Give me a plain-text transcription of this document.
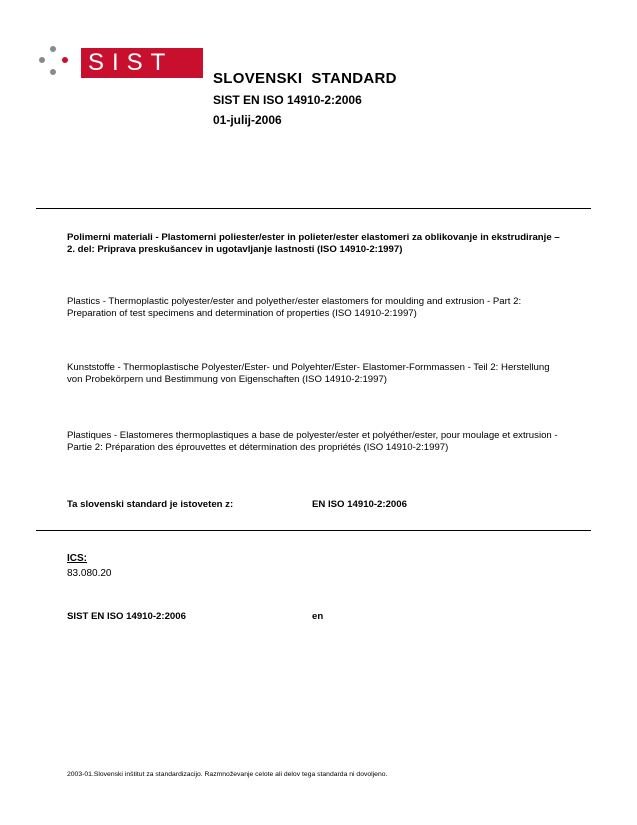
SIST
SLOVENSKI  STANDARD
SIST EN ISO 14910-2:2006
01-julij-2006
Polimerni materiali - Plastomerni poliester/ester in polieter/ester elastomeri za oblikovanje in ekstrudiranje – 2. del: Priprava preskušancev in ugotavljanje lastnosti (ISO 14910-2:1997)
Plastics - Thermoplastic polyester/ester and polyether/ester elastomers for moulding and extrusion - Part 2: Preparation of test specimens and determination of properties (ISO 14910-2:1997)
Kunststoffe - Thermoplastische Polyester/Ester- und Polyehter/Ester- Elastomer-Formmassen - Teil 2: Herstellung von Probekörpern und Bestimmung von Eigenschaften (ISO 14910-2:1997)
Plastiques - Elastomeres thermoplastiques a base de polyester/ester et polyéther/ester, pour moulage et extrusion - Partie 2: Préparation des éprouvettes et détermination des propriétés (ISO 14910-2:1997)
Ta slovenski standard je istoveten z:	EN ISO 14910-2:2006
ICS:
83.080.20
SIST EN ISO 14910-2:2006	en
2003-01.Slovenski inštitut za standardizacijo. Razmnoževanje celote ali delov tega standarda ni dovoljeno.
